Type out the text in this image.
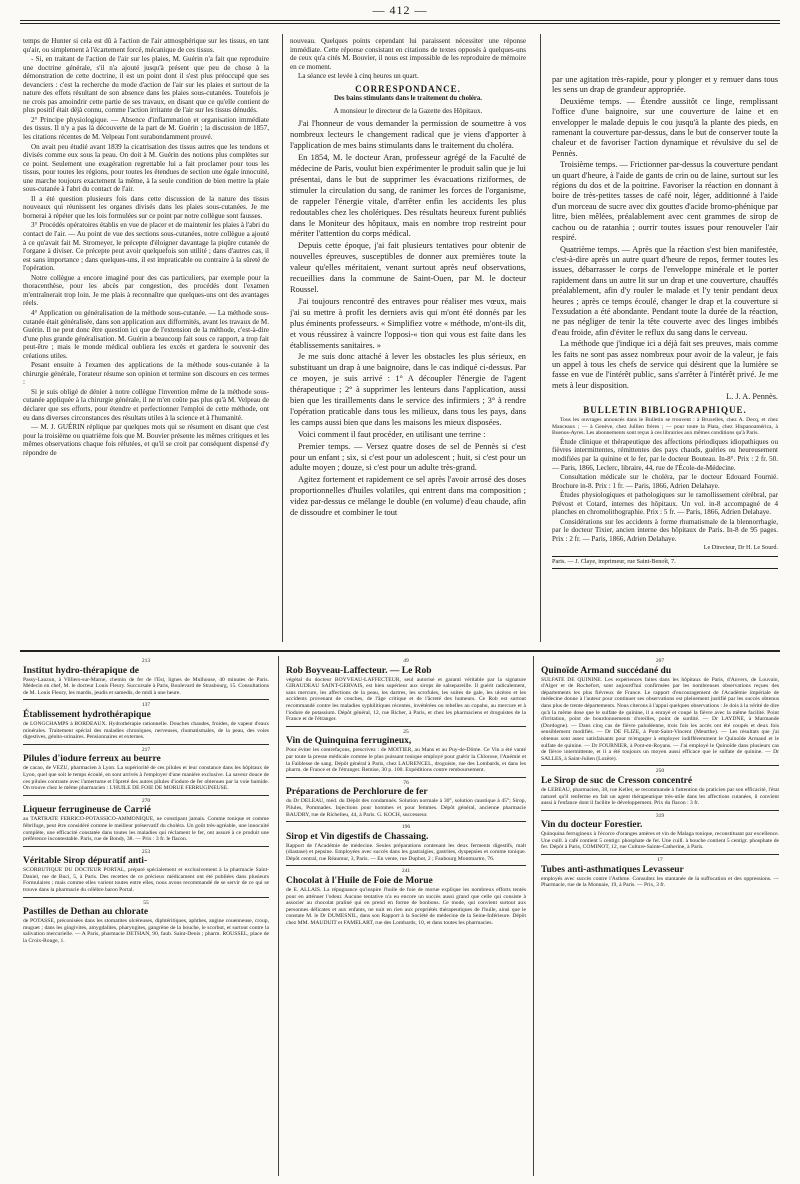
— 412 —

temps de Hunter si cela est dû à l'action de l'air atmosphérique sur les tissus, en tant qu'air, ou simplement à l'écartement forcé, mécanique de ces tissus.

- Si, en traitant de l'action de l'air sur les plaies, M. Guérin n'a fait que reproduire une doctrine générale, s'il n'a ajouté jusqu'à présent que peu de chose à la démonstration de cette doctrine, il est un point dont il s'est plus préoccupé que ses devanciers : c'est la recherche du mode d'action de l'air sur les plaies et surtout de la nature des effets résultant de son absence dans les plaies sous-cutanées. Toutefois je ne crois pas amoindrir cette partie de ses travaux, en disant que ce qu'elle contient de plus positif était déjà connu, comme l'action irritante de l'air sur les tissus dénudés.

2° Principe physiologique. — Absence d'inflammation et organisation immédiate des tissus. Il n'y a pas là découverte de la part de M. Guérin ; la discussion de 1857, les citations récentes de M. Velpeau l'ont surabondamment prouvé.

On avait peu étudié avant 1839 la cicatrisation des tissus autres que les tendons et divisés comme eux sous la peau. On doit à M. Guérin des notions plus complètes sur ce point. Seulement une exagération regrettable lui a fait proclamer pour tous les tissus, pour toutes les régions, pour toutes les étendues de section une égale innocuité, une marche toujours exactement la même, à la seule condition de bien mettre la plaie sous-cutanée à l'abri du contact de l'air.

Il a été question plusieurs fois dans cette discussion de la nature des tissus nouveaux qui réunissent les organes divisés dans les plaies sous-cutanées. Je me bornerai à répéter que les lois formulées sur ce point par notre collègue sont fausses.

3° Procédés opératoires établis en vue de placer et de maintenir les plaies à l'abri du contact de l'air. — Au point de vue des sections sous-cutanées, notre collègue a ajouté à ce qu'avait fait M. Stromeyer, le précepte d'éloigner davantage la piqûre cutanée de l'organe à diviser. Ce précepte peut avoir quelquefois son utilité ; dans d'autres cas, il est sans importance ; dans quelques-uns, il est impraticable ou contraire à la sûreté de l'opération.

Notre collègue a encore imaginé pour des cas particuliers, par exemple pour la thoracenthèse, pour les abcès par congestion, des procédés dont l'examen m'entraînerait trop loin. Je me plais à reconnaître que quelques-uns ont des avantages réels.

4° Application ou généralisation de la méthode sous-cutanée. — La méthode sous-cutanée était généralisée, dans son application aux difformités, avant les travaux de M. Guérin. Il ne peut donc être question ici que de l'extension de la méthode, c'est-à-dire d'une plus grande généralisation. M. Guérin a beaucoup fait sous ce rapport, a trop fait peut-être ; mais le monde médical oubliera les excès et gardera le souvenir des créations utiles.

Pesant ensuite à l'examen des applications de la méthode sous-cutanée à la chirurgie générale, l'orateur résume son opinion et termine son discours en ces termes :

Si je suis obligé de dénier à notre collègue l'invention même de la méthode sous-cutanée appliquée à la chirurgie générale, il ne m'en coûte pas plus qu'à M. Velpeau de déclarer que ses efforts, pour étendre et perfectionner l'emploi de cette méthode, ont eu dans diverses circonstances des résultats utiles à la science et à l'humanité.

— M. J. GUÉRIN réplique par quelques mots qui se résument en disant que c'est pour la troisième ou quatrième fois que M. Bouvier présente les mêmes critiques et les mêmes observations chaque fois réfutées, et qu'il se croit par conséquent dispensé d'y répondre de

nouveau. Quelques points cependant lui paraissent nécessiter une réponse immédiate. Cette réponse consistant en citations de textes opposés à quelques-uns de ceux qu'a cités M. Bouvier, il nous est impossible de les reproduire de mémoire en ce moment.

La séance est levée à cinq heures un quart.

CORRESPONDANCE.
Des bains stimulants dans le traitement du choléra.
A monsieur le directeur de la Gazette des Hôpitaux.

J'ai l'honneur de vous demander la permission de soumettre à vos nombreux lecteurs le changement radical que je viens d'apporter à l'application de mes bains stimulants dans le traitement du choléra.

En 1854, M. le docteur Aran, professeur agrégé de la Faculté de médecine de Paris, voulut bien expérimenter le produit salin que je lui présentai, dans le but de supprimer les évacuations riziformes, de stimuler la circulation du sang, de ranimer les forces de l'organisme, de rappeler l'énergie vitale, d'arrêter enfin les accidents les plus redoutables chez les cholériques. Des résultats heureux furent publiés dans le Moniteur des hôpitaux, mais en nombre trop restreint pour mériter l'attention du corps médical.

Depuis cette époque, j'ai fait plusieurs tentatives pour obtenir de nouvelles épreuves, susceptibles de donner aux premières toute la valeur qu'elles méritaient, venant surtout après neuf observations, recueillies dans la commune de Saint-Ouen, par M. le docteur Roussel.

J'ai toujours rencontré des entraves pour réaliser mes vœux, mais j'ai su mettre à profit les derniers avis qui m'ont été donnés par les plus éminents professeurs. « Simplifiez votre « méthode, m'ont-ils dit, et vous réussirez à vaincre l'opposi-« tion qui vous est faite dans les établissements sanitaires. »

Je me suis donc attaché à lever les obstacles les plus sérieux, en substituant un drap à une baignoire, dans le cas indiqué ci-dessus. Par ce moyen, je suis arrivé : 1° A découpler l'énergie de l'agent thérapeutique ; 2° à supprimer les lenteurs dans l'application, aussi bien que les tiraillements dans le service des infirmiers ; 3° à rendre l'opération praticable dans tous les milieux, dans tous les pays, dans les camps aussi bien que dans les maisons les mieux disposées.

Voici comment il faut procéder, en utilisant une terrine :

Premier temps. — Versez quatre doses de sel de Pennès si c'est pour un enfant ; six, si c'est pour un adolescent ; huit, si c'est pour un adulte moyen ; douze, si c'est pour un adulte très-grand.

Agitez fortement et rapidement ce sel après l'avoir arrosé des doses proportionnelles d'huiles volatiles, qui entrent dans ma composition ; videz par-dessus ce mélange le double (en volume) d'eau chaude, afin de dissoudre et combiner le tout

par une agitation très-rapide, pour y plonger et y remuer dans tous les sens un drap de grandeur appropriée.

Deuxième temps. — Étendre aussitôt ce linge, remplissant l'office d'une baignoire, sur une couverture de laine et en envelopper le malade depuis le cou jusqu'à la plante des pieds, en ramenant la couverture par-dessus, dans le but de conserver toute la chaleur et de favoriser l'action dynamique et révulsive du sel de Pennès.

Troisième temps. — Frictionner par-dessus la couverture pendant un quart d'heure, à l'aide de gants de crin ou de laine, surtout sur les régions du dos et de la poitrine. Favoriser la réaction en donnant à boire de très-petites tasses de café noir, léger, additionné à l'aide d'un morceau de sucre avec dix gouttes d'acide bromo-phénique par litre, bien mêlées, préalablement avec cent grammes de sirop de cachou ou de ratanhia ; ourrir toutes issues pour renouveler l'air respiré.

Quatrième temps. — Après que la réaction s'est bien manifestée, c'est-à-dire après un autre quart d'heure de repos, fermer toutes les issues, débarrasser le corps de l'enveloppe minérale et le porter rapidement dans un autre lit sur un drap et une couverture, chauffés préalablement, afin d'y rouler le malade et l'y tenir pendant deux heures ; après ce temps écoulé, changer le drap et la couverture si l'exsudation a été abondante. Pendant toute la durée de la réaction, ne pas négliger de tenir la tête couverte avec des linges imbibés d'eau froide, afin d'éviter le reflux du sang dans le cerveau.

La méthode que j'indique ici a déjà fait ses preuves, mais comme les faits ne sont pas assez nombreux pour avoir de la valeur, je fais un appel à tous les chefs de service qui désirent que la lumière se fasse en vue de l'intérêt public, sans s'arrêter à l'intérêt privé. Je me mets à leur disposition.

L. J. A. Pennès.

BULLETIN BIBLIOGRAPHIQUE.

Tous les ouvrages annoncés dans le Bulletin se trouvent : à Bruxelles, chez A. Decq, et chez Manceaux ; — à Genève, chez Jullien frères ; — pour toute la Plata, chez Hispanoamérica, à Buenos-Ayres. Les abonnements sont reçus à ces librairies aux mêmes conditions qu'à Paris.

Étude clinique et thérapeutique des affections périodiques idiopathiques ou fièvres intermittentes, rémittentes des pays chauds, guéries ou heureusement modifiées par la quinine et le fer, par le docteur Bouteau. In-8°. Prix : 2 fr. 50. — Paris, 1866, Leclerc, libraire, 44, rue de l'École-de-Médecine.

Consultation médicale sur le choléra, par le docteur Edouard Fournié. Brochure in-8. Prix : 1 fr. — Paris, 1866, Adrien Delahaye.

Études physiologiques et pathologiques sur le ramollissement cérébral, par Prévost et Cotard, internes des hôpitaux. Un vol. in-8 accompagné de 4 planches en chromolithographie. Prix : 5 fr. — Paris, 1866, Adrien Delahaye.

Considérations sur les accidents à forme rhumatismale de la blennorrhagie, par le docteur Tixier, ancien interne des hôpitaux de Paris. In-8 de 95 pages. Prix : 2 fr. — Paris, 1866, Adrien Delahaye.

Le Directeur, Dr H. Le Sourd.

Paris. — J. Claye, imprimeur, rue Saint-Benoît, 7.
213
Institut hydro-thérapique de

Passy-Lauzun, à Villiers-sur-Marne, chemin de fer de l'Est, lignes de Mulhouse, 40 minutes de Paris. Médecin en chef, M. le docteur Louis Fleury. Succursale à Paris, Boulevard de Strasbourg, 15. Consultations de M. Louis Fleury, les mardis, jeudis et samedis, de midi à une heure.

137
Établissement hydrothérapique

de LONGCHAMPS à BORDEAUX. Hydrothérapie rationnelle. Douches chaudes, froides, de vapeur d'eaux minérales. Traitement spécial des maladies chroniques, nerveuses, rhumatismales, de la peau, des voies digestives, génito-urinaires. Pensionnaires et externes.

217
Pilules d'iodure ferreux au beurre

de cacao, de VEZU, pharmacien à Lyon. La supériorité de ces pilules et leur constance dans les hôpitaux de Lyon, quel que soit le temps écoulé, en sont arrivés à l'employer d'une manière exclusive. La saveur douce de ces pilules contraste avec l'amertume et l'âpreté des autres pilules d'iodure de fer obtenues par la voie humide. On trouve chez le même pharmacien : L'HUILE DE FOIE DE MORUE FERRUGINEUSE.

270
Liqueur ferrugineuse de Carrié

au TARTRATE FERRICO-POTASSICO-AMMONIQUE, ne constipant jamais. Comme tonique et comme fébrifuge, peut être considéré comme le meilleur préservatif du choléra. Un goût très-agréable, une innocuité complète, une efficacité constatée dans toutes les maladies qui réclament le fer, ont assuré à ce produit une préférence incontestable. Paris, rue de Bondy, 38. — Prix : 3 fr. le flacon.

253
Véritable Sirop dépuratif anti-

SCORBUTIQUE DU DOCTEUR PORTAL, préparé spécialement et exclusivement à la pharmacie Saint-Daniel, rue de Buci, 5, à Paris. Des recettes de ce précieux médicament ont été publiées dans plusieurs Formulaires ; mais comme elles varient toutes entre elles, nous avons recommandé de se servir de ce qui se trouve dans la pharmacie du célèbre baron Portal.

55
Pastilles de Dethan au chlorate

de POTASSE, préconisées dans les stomatites ulcéreuses, diphtéritiques, aphthes, angine couenneuse, croup, muguet ; dans les gingivites, amygdalites, pharyngites, gangrène de la bouche, le scorbut, et surtout contre la salivation mercurielle. — A Paris, pharmacie DETHAN, 90, faub. Saint-Denis ; pharm. ROUSSEL, place de la Croix-Rouge, 1.

49
Rob Boyveau-Laffecteur. — Le Rob

végétal du docteur BOYVEAU-LAFFECTEUR, seul autorisé et garanti véritable par la signature GIRAUDEAU SAINT-GERVAIS, est bien supérieur aux sirops de salsepareille. Il guérit radicalement, sans mercure, les affections de la peau, les dartres, les scrofules, les suites de gale, les ulcères et les accidents provenant de couches, de l'âge critique et de l'âcreté des humeurs. Ce Rob est surtout recommandé contre les maladies syphilitiques récentes, invétérées ou rebelles au copahu, au mercure et à l'iodure de potassium. Dépôt général, 12, rue Richer, à Paris, et chez les pharmaciens et droguistes de la France et de l'étranger.

25
Vin de Quinquina ferrugineux,

Pour éviter les contrefaçons, prescrivez : de MOITIER, au Mans et au Puy-de-Dôme. Ce Vin a été vanté par toute la presse médicale comme le plus puissant tonique employé pour guérir la Chlorose, l'Anémie et la Faiblesse de sang. Dépôt général à Paris, chez LAURENCEL, droguiste, rue des Lombards, et dans les pharm. de France et de l'étranger. Remise, 30 p. 100. Expéditions contre remboursement.

76
Préparations de Perchlorure de fer

du Dr DELEAU, méd. du Dépôt des condamnés. Solution normale à 30°, solution caustique à 45°; Sirop, Pilules, Pommades. Injections pour hommes et pour femmes. Dépôt général, ancienne pharmacie BAUDRY, rue de Richelieu, 44, à Paris. G. KOCH, successeur.

196
Sirop et Vin digestifs de Chassaing.

Rapport de l'Académie de médecine. Seules préparations contenant les deux ferments digestifs, malt (diastase) et pepsine. Employées avec succès dans les gastralgies, gastrites, dyspepsies et comme tonique. Dépôt central, rue Réaumur, 3, Paris. — En vente, rue Duphot, 2 ; Faubourg Montmartre, 76.

241
Chocolat à l'Huile de Foie de Morue

de E. ALLAIS. La répugnance qu'inspire l'huile de foie de morue explique les nombreux efforts tentés pour en atténuer l'odeur. Aucune tentative n'a eu encore un succès aussi grand que celle qui consiste à associer au chocolat praliné qui en prend en forme de bonbons. Ce mode, qui convient surtout aux personnes délicates et aux enfants, ne nuit en rien aux propriétés thérapeutiques de l'huile, ainsi que le constate M. le Dr DUMESNIL, dans son Rapport à la Société de médecine de la Seine-Inférieure. Dépôt chez MM. MAUDUIT et FAMELART, rue des Lombards, 10, et dans toutes les pharmacies.

207
Quinoïde Armand succédané du

SULFATE DE QUININE. Les expériences faites dans les hôpitaux de Paris, d'Anvers, de Louvain, d'Alger et de Rochefort, sont aujourd'hui confirmées par les nombreuses observations reçues des départements les plus fiévreux de France. Le rapport d'encouragement de l'Académie impériale de médecine donne à l'auteur pour continuer ses observations est pleinement justifié par les succès obtenus dans plus de trente départements. Nous citerons à l'appui quelques observations : Je dois à la vérité de dire qu'à la même dose que le sulfate de quinine, il a enrayé et coupé la fièvre avec la même facilité. Point d'irritation, point de bourdonnements d'oreilles, point de surdité. — Dr LAYDNE, à Marmande (Dordogne). — Dans cinq cas de fièvre paludéenne, trois fois les accès ont été coupés et deux fois sensiblement modifiés. — Dr DE FLIZE, à Pont-Saint-Vincent (Meurthe). — Les résultats que j'ai obtenus sont assez satisfaisants pour m'engager à employer indifféremment le Quinoïde Armand et le sulfate de quinine. — Dr FOURNIER, à Pont-en-Royans. — J'ai employé le Quinoïde dans plusieurs cas de fièvre intermittente, et il a été toujours un moyen aussi efficace que le sulfate de quinine. — Dr SALLES, à Saint-Julien (Lozère).

250
Le Sirop de suc de Cresson concentré

de LEBEAU, pharmacien, 38, rue Keller, se recommande à l'attention du praticien par son efficacité, l'état naturel qu'il renferme en fait un agent thérapeutique très-utile dans les affections cutanées, il convient aussi à l'enfance dont il facilite le développement. Prix du flacon : 3 fr.

319
Vin du docteur Forestier.

Quinquina ferrugineux à l'écorce d'oranges amères et vin de Malaga tonique, reconstituant par excellence. Une cuill. à café contient 5 centigr. phosphate de fer. Une cuill. à bouche contient 5 centigr. phosphate de fer. Dépôt à Paris, COMINOT, 12, rue Culture-Sainte-Catherine, à Paris.

17
Tubes anti-asthmatiques Levasseur

employés avec succès contre l'Asthme. Consultez les stantanée de la suffocation et des oppressions. — Pharmacie, rue de la Monnaie, 19, à Paris. — Prix, 3 fr.
